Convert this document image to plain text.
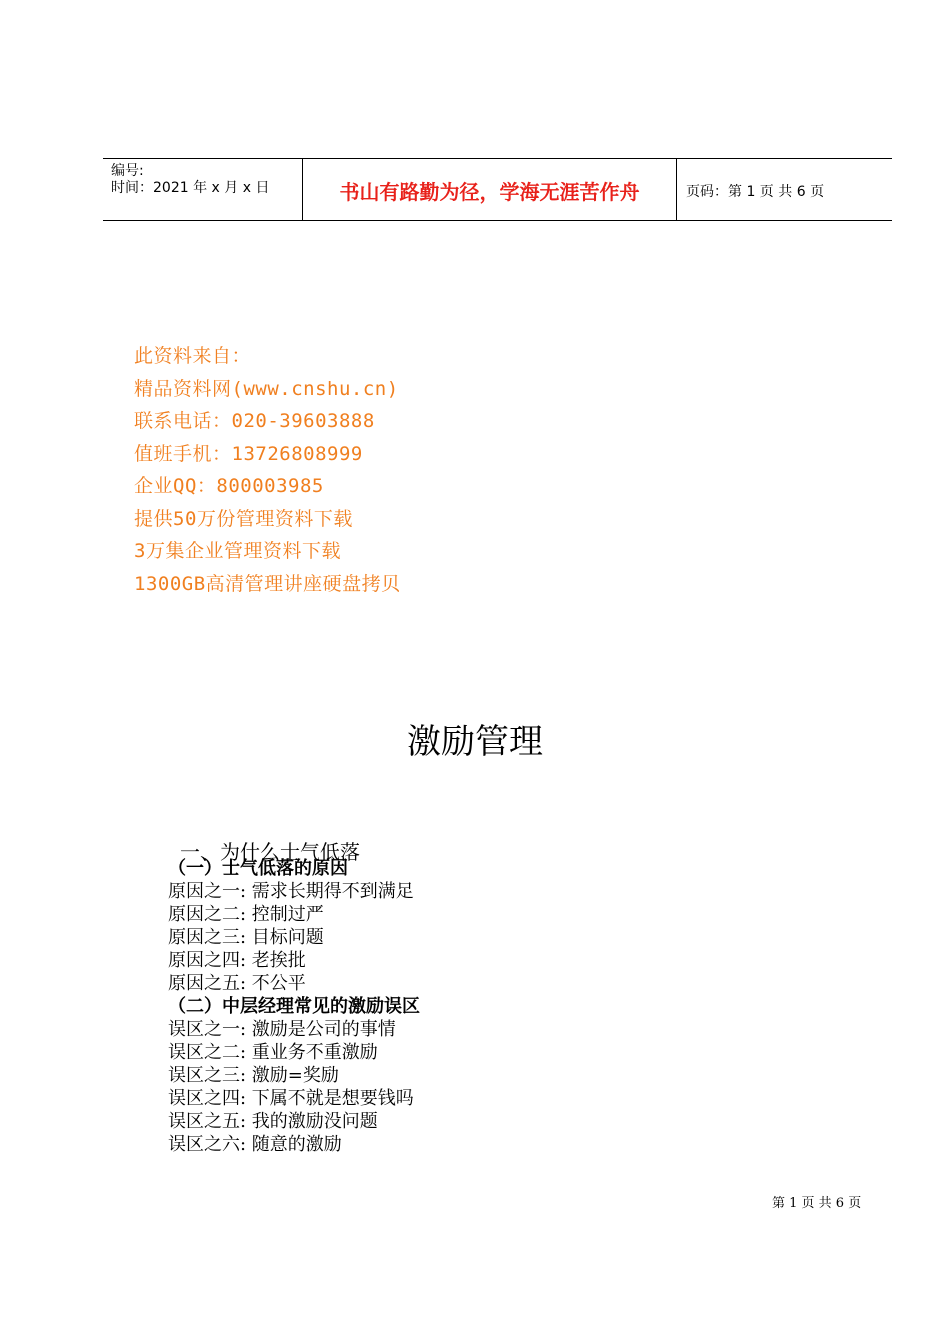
编号:
时间：2021 年 x 月 x 日	书山有路勤为径，学海无涯苦作舟	页码：第 1 页 共 6 页
此资料来自：
精品资料网(www.cnshu.cn)
联系电话：020-39603888
值班手机：13726808999
企业QQ：800003985
提供50万份管理资料下载
3万集企业管理资料下载
1300GB高清管理讲座硬盘拷贝
激励管理
一、为什么士气低落
（一）士气低落的原因
原因之一: 需求长期得不到满足
原因之二: 控制过严
原因之三: 目标问题
原因之四: 老挨批
原因之五: 不公平
（二）中层经理常见的激励误区
误区之一: 激励是公司的事情
误区之二: 重业务不重激励
误区之三: 激励=奖励
误区之四: 下属不就是想要钱吗
误区之五: 我的激励没问题
误区之六: 随意的激励
第 1 页 共 6 页
